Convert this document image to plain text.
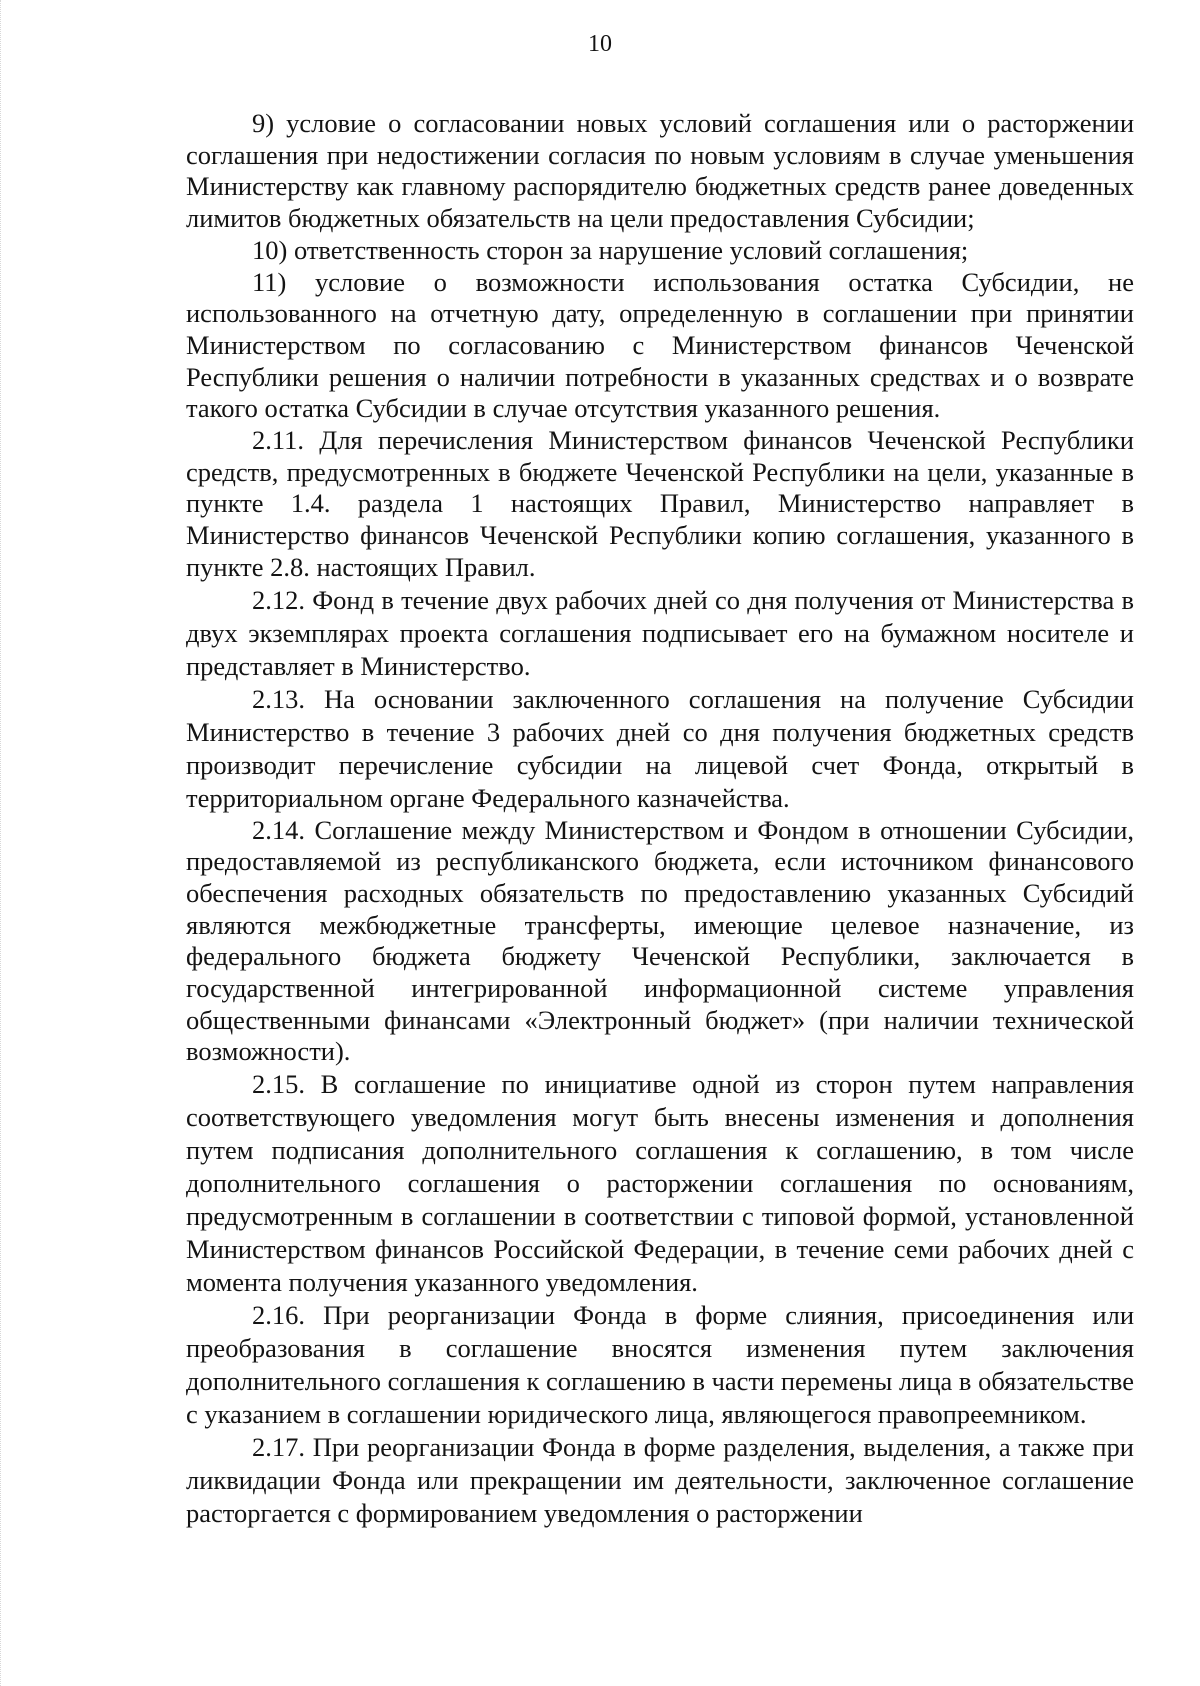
10

9) условие о согласовании новых условий соглашения или о расторжении соглашения при недостижении согласия по новым условиям в случае уменьшения Министерству как главному распорядителю бюджетных средств ранее доведенных лимитов бюджетных обязательств на цели предоставления Субсидии;

10) ответственность сторон за нарушение условий соглашения;

11) условие о возможности использования остатка Субсидии, не использованного на отчетную дату, определенную в соглашении при принятии Министерством по согласованию с Министерством финансов Чеченской Республики решения о наличии потребности в указанных средствах и о возврате такого остатка Субсидии в случае отсутствия указанного решения.

2.11. Для перечисления Министерством финансов Чеченской Республики средств, предусмотренных в бюджете Чеченской Республики на цели, указанные в пункте 1.4. раздела 1 настоящих Правил, Министерство направляет в Министерство финансов Чеченской Республики копию соглашения, указанного в пункте 2.8. настоящих Правил.

2.12. Фонд в течение двух рабочих дней со дня получения от Министерства в двух экземплярах проекта соглашения подписывает его на бумажном носителе и представляет в Министерство.

2.13. На основании заключенного соглашения на получение Субсидии Министерство в течение 3 рабочих дней со дня получения бюджетных средств производит перечисление субсидии на лицевой счет Фонда, открытый в территориальном органе Федерального казначейства.

2.14. Соглашение между Министерством и Фондом в отношении Субсидии, предоставляемой из республиканского бюджета, если источником финансового обеспечения расходных обязательств по предоставлению указанных Субсидий являются межбюджетные трансферты, имеющие целевое назначение, из федерального бюджета бюджету Чеченской Республики, заключается в государственной интегрированной информационной системе управления общественными финансами «Электронный бюджет» (при наличии технической возможности).

2.15. В соглашение по инициативе одной из сторон путем направления соответствующего уведомления могут быть внесены изменения и дополнения путем подписания дополнительного соглашения к соглашению, в том числе дополнительного соглашения о расторжении соглашения по основаниям, предусмотренным в соглашении в соответствии с типовой формой, установленной Министерством финансов Российской Федерации, в течение семи рабочих дней с момента получения указанного уведомления.

2.16. При реорганизации Фонда в форме слияния, присоединения или преобразования в соглашение вносятся изменения путем заключения дополнительного соглашения к соглашению в части перемены лица в обязательстве с указанием в соглашении юридического лица, являющегося правопреемником.

2.17. При реорганизации Фонда в форме разделения, выделения, а также при ликвидации Фонда или прекращении им деятельности, заключенное соглашение расторгается с формированием уведомления о расторжении
